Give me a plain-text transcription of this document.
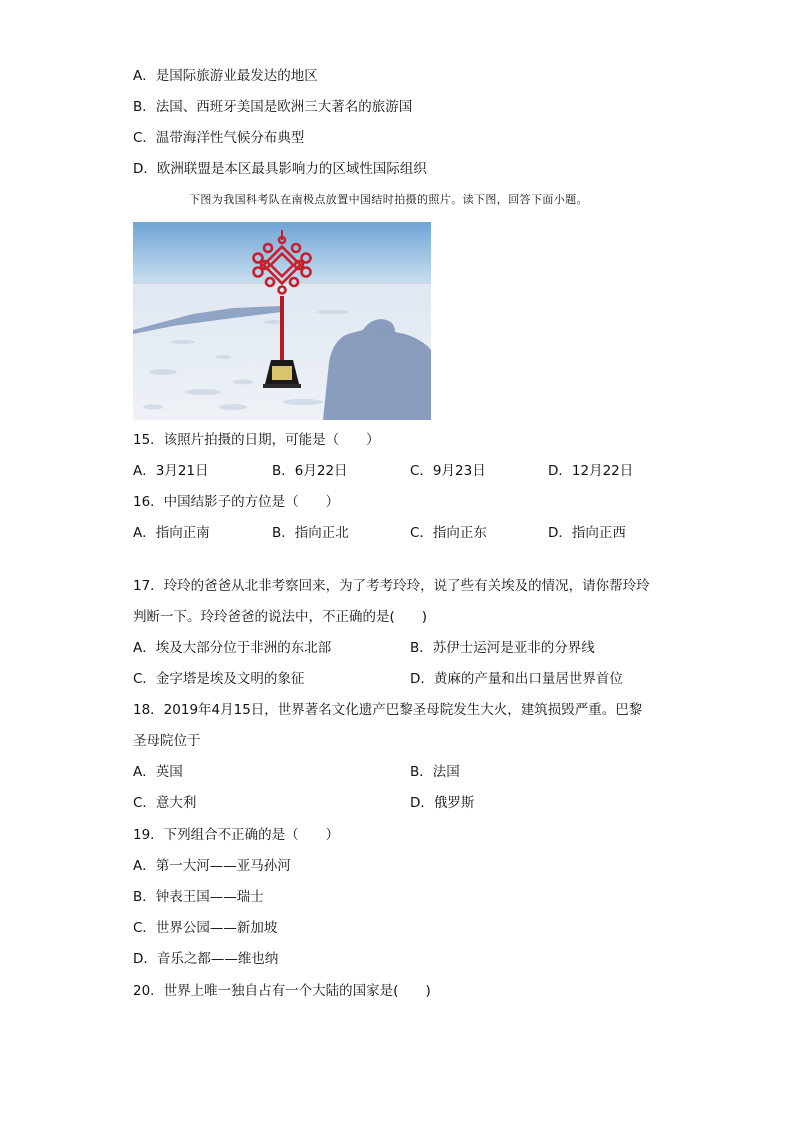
A．是国际旅游业最发达的地区
B．法国、西班牙美国是欧洲三大著名的旅游国
C．温带海洋性气候分布典型
D．欧洲联盟是本区最具影响力的区域性国际组织
下图为我国科考队在南极点放置中国结时拍摄的照片。读下图，回答下面小题。
15．该照片拍摄的日期，可能是（　　）
A．3月21日	B．6月22日	C．9月23日	D．12月22日
16．中国结影子的方位是（　　）
A．指向正南	B．指向正北	C．指向正东	D．指向正西
17．玲玲的爸爸从北非考察回来，为了考考玲玲，说了些有关埃及的情况，请你帮玲玲
判断一下。玲玲爸爸的说法中，不正确的是(　　)
A．埃及大部分位于非洲的东北部	B．苏伊士运河是亚非的分界线
C．金字塔是埃及文明的象征	D．黄麻的产量和出口量居世界首位
18．2019年4月15日，世界著名文化遗产巴黎圣母院发生大火，建筑损毁严重。巴黎
圣母院位于
A．英国	B．法国
C．意大利	D．俄罗斯
19．下列组合不正确的是（　　）
A．第一大河——亚马孙河
B．钟表王国——瑞士
C．世界公园——新加坡
D．音乐之都——维也纳
20．世界上唯一独自占有一个大陆的国家是(　　)
